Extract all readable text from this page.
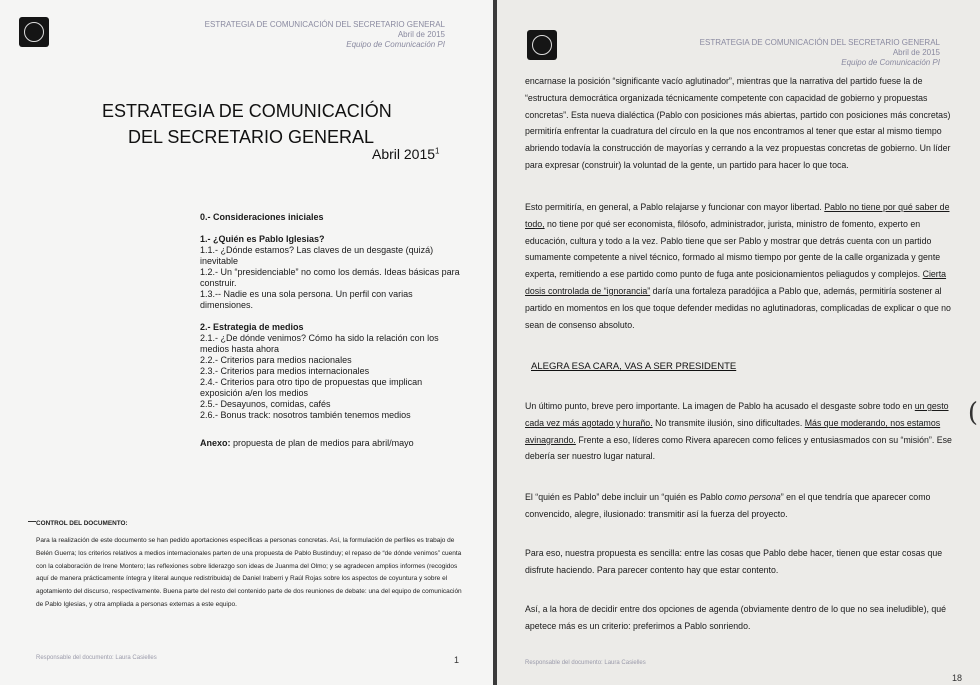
ESTRATEGIA DE COMUNICACIÓN DEL SECRETARIO GENERAL
Abril de 2015
Equipo de Comunicación PI
ESTRATEGIA DE COMUNICACIÓN
DEL SECRETARIO GENERAL
Abril 2015$^1$
0.- Consideraciones iniciales
1.- ¿Quién es Pablo Iglesias?
1.1.- ¿Dónde estamos? Las claves de un desgaste (quizá) inevitable
1.2.- Un “presidenciable” no como los demás. Ideas básicas para construir.
1.3.-- Nadie es una sola persona. Un perfil con varias dimensiones.
2.- Estrategia de medios
2.1.- ¿De dónde venimos? Cómo ha sido la relación con los medios hasta ahora
2.2.- Criterios para medios nacionales
2.3.- Criterios para medios internacionales
2.4.- Criterios para otro tipo de propuestas que implican exposición a/en los medios
2.5.- Desayunos, comidas, cafés
2.6.- Bonus track: nosotros también tenemos medios
Anexo: propuesta de plan de medios para abril/mayo
CONTROL DEL DOCUMENTO:
Para la realización de este documento se han pedido aportaciones específicas a personas concretas. Así, la formulación de perfiles es trabajo de Belén Guerra; los criterios relativos a medios internacionales parten de una propuesta de Pablo Bustinduy; el repaso de “de dónde venimos” cuenta con la colaboración de Irene Montero; las reflexiones sobre liderazgo son ideas de Juanma del Olmo; y se agradecen amplios informes (recogidos aquí de manera prácticamente íntegra y literal aunque redistribuida) de Daniel Iraberri y Raúl Rojas sobre los aspectos de coyuntura y sobre el agotamiento del discurso, respectivamente. Buena parte del resto del contenido parte de dos reuniones de debate: una del equipo de comunicación de Pablo Iglesias, y otra ampliada a personas externas a este equipo.
Responsable del documento: Laura Casielles	1
ESTRATEGIA DE COMUNICACIÓN DEL SECRETARIO GENERAL
Abril de 2015
Equipo de Comunicación PI

encarnase la posición “significante vacío aglutinador”, mientras que la narrativa del partido fuese la de “estructura democrática organizada técnicamente competente con capacidad de gobierno y propuestas concretas”. Esta nueva dialéctica (Pablo con posiciones más abiertas, partido con posiciones más concretas) permitiría enfrentar la cuadratura del círculo en la que nos encontramos al tener que estar al mismo tiempo abriendo todavía la construcción de mayorías y cerrando a la vez propuestas concretas de gobierno. Un líder para expresar (construir) la voluntad de la gente, un partido para hacer lo que toca.

Esto permitiría, en general, a Pablo relajarse y funcionar con mayor libertad. Pablo no tiene por qué saber de todo, no tiene por qué ser economista, filósofo, administrador, jurista, ministro de fomento, experto en educación, cultura y todo a la vez. Pablo tiene que ser Pablo y mostrar que detrás cuenta con un partido sumamente competente a nivel técnico, formado al mismo tiempo por gente de la calle organizada y gente experta, remitiendo a ese partido como punto de fuga ante posicionamientos peliagudos y complejos. Cierta dosis controlada de “ignorancia” daría una fortaleza paradójica a Pablo que, además, permitiría sostener al partido en momentos en los que toque defender medidas no aglutinadoras, complicadas de explicar o que no sean de consenso absoluto.

ALEGRA ESA CARA, VAS A SER PRESIDENTE

Un último punto, breve pero importante. La imagen de Pablo ha acusado el desgaste sobre todo en un gesto cada vez más agotado y huraño. No transmite ilusión, sino dificultades. Más que moderando, nos estamos avinagrando. Frente a eso, líderes como Rivera aparecen como felices y entusiasmados con su “misión”. Ese debería ser nuestro lugar natural.

(

El “quién es Pablo” debe incluir un “quién es Pablo como persona” en el que tendría que aparecer como convencido, alegre, ilusionado: transmitir así la fuerza del proyecto.

Para eso, nuestra propuesta es sencilla: entre las cosas que Pablo debe hacer, tienen que estar cosas que disfrute haciendo. Para parecer contento hay que estar contento.

Así, a la hora de decidir entre dos opciones de agenda (obviamente dentro de lo que no sea ineludible), qué apetece más es un criterio: preferimos a Pablo sonriendo.

Responsable del documento: Laura Casielles
18
